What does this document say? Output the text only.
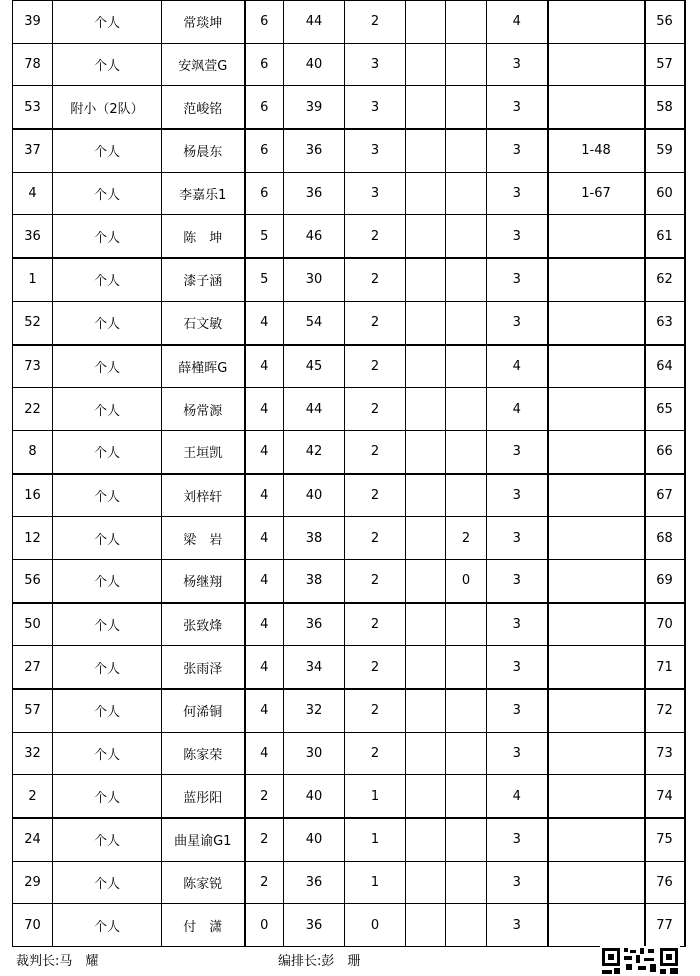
39	个人	常琰坤	6	44	2			4		56
78	个人	安飒萱G	6	40	3			3		57
53	附小（2队）	范峻铭	6	39	3			3		58
37	个人	杨晨东	6	36	3			3	1-48	59
4	个人	李嘉乐1	6	36	3			3	1-67	60
36	个人	陈　坤	5	46	2			3		61
1	个人	漆子涵	5	30	2			3		62
52	个人	石文敏	4	54	2			3		63
73	个人	薛槿晖G	4	45	2			4		64
22	个人	杨常源	4	44	2			4		65
8	个人	王垣凯	4	42	2			3		66
16	个人	刘梓轩	4	40	2			3		67
12	个人	梁　岩	4	38	2		2	3		68
56	个人	杨继翔	4	38	2		0	3		69
50	个人	张致烽	4	36	2			3		70
27	个人	张雨泽	4	34	2			3		71
57	个人	何浠铜	4	32	2			3		72
32	个人	陈家荣	4	30	2			3		73
2	个人	蓝彤阳	2	40	1			4		74
24	个人	曲星谕G1	2	40	1			3		75
29	个人	陈家锐	2	36	1			3		76
70	个人	付　潇	0	36	0			3		77
裁判长:马　耀	编排长:彭　珊
